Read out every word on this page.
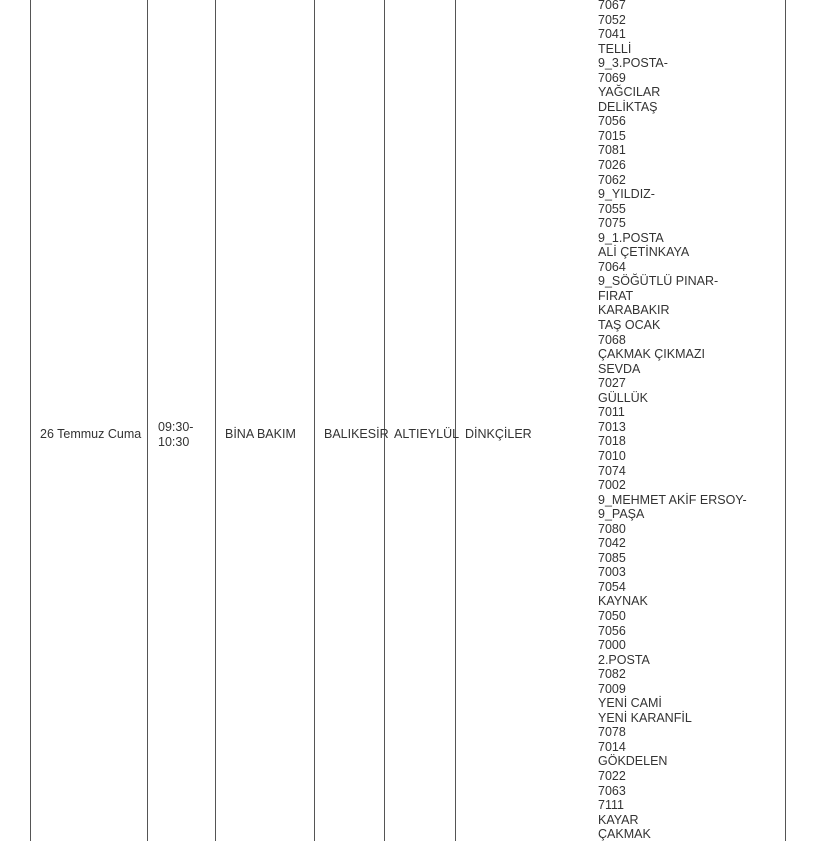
26 Temmuz Cuma 09:30-
10:30
BİNA BAKIM BALIKESİR ALTIEYLÜL DİNKÇİLER
7067
7052
7041
TELLİ
9_3.POSTA-
7069
YAĞCILAR
DELİKTAŞ
7056
7015
7081
7026
7062
9_YILDIZ-
7055
7075
9_1.POSTA
ALİ ÇETİNKAYA
7064
9_SÖĞÜTLÜ PINAR-
FIRAT
KARABAKIR
TAŞ OCAK
7068
ÇAKMAK ÇIKMAZI
SEVDA
7027
GÜLLÜK
7011
7013
7018
7010
7074
7002
9_MEHMET AKİF ERSOY-
9_PAŞA
7080
7042
7085
7003
7054
KAYNAK
7050
7056
7000
2.POSTA
7082
7009
YENİ CAMİ
YENİ KARANFİL
7078
7014
GÖKDELEN
7022
7063
7111
KAYAR
ÇAKMAK
